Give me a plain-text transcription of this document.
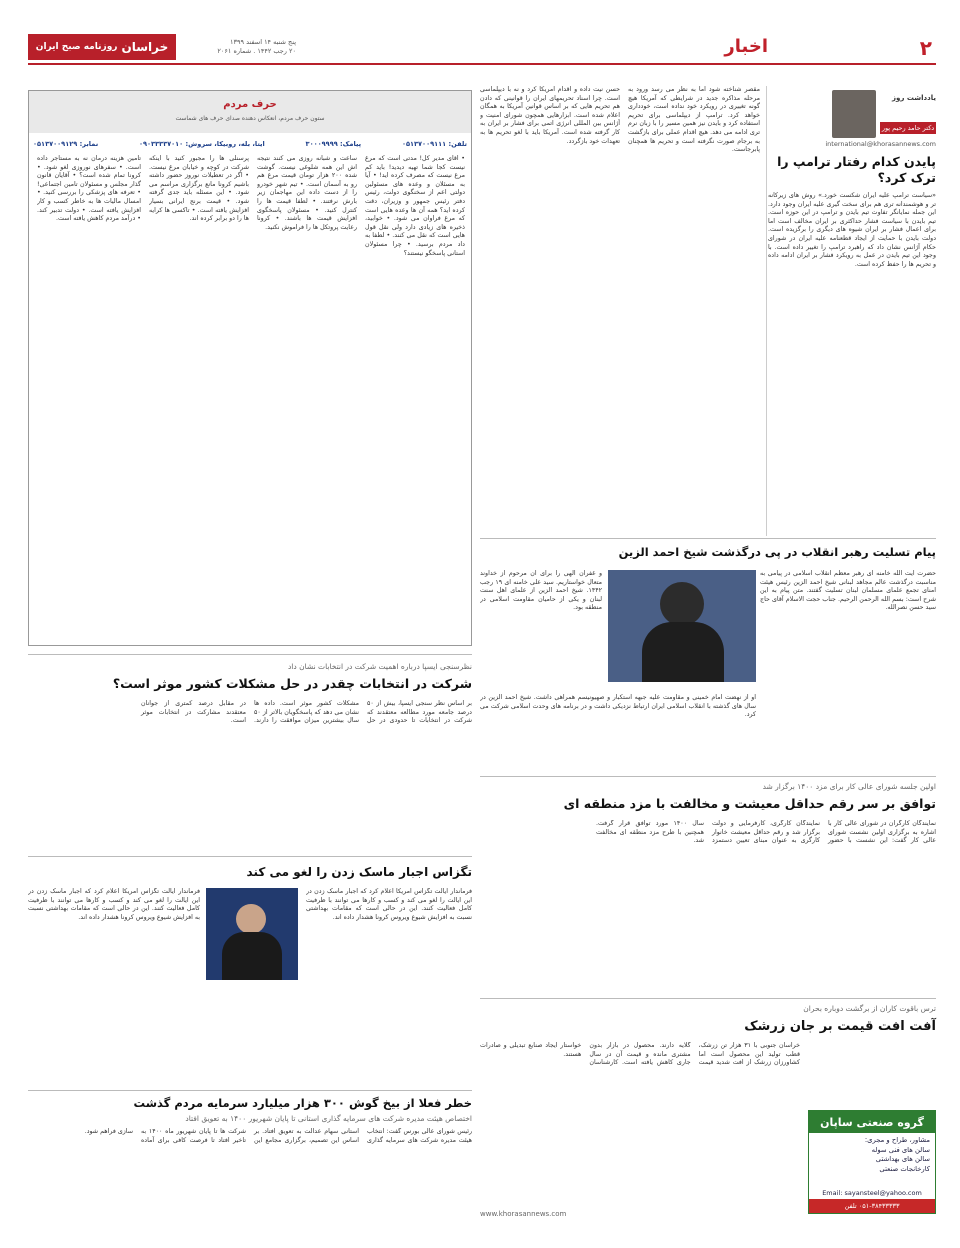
۲
اخبار
پنج شنبه ۱۴ اسفند ۱۳۹۹
۲۰ رجب ۱۴۴۲ . شماره ۲۰۶۱
خراسان
روزنامه صبح ایران
یادداشت روز
دکتر حامد رحیم پور
international@khorasannews.com
پایدن کدام رفتار ترامپ را ترک کرد؟
«سیاست ترامپ علیه ایران شکست خورد.» روش های زیرکانه تر و هوشمندانه تری هم برای سخت گیری علیه ایران وجود دارد. این جمله نمایانگر تفاوت تیم بایدن و ترامپ در این حوزه است. تیم بایدن با سیاست فشار حداکثری بر ایران مخالف است اما برای اعمال فشار بر ایران شیوه های دیگری را برگزیده است. دولت بایدن با حمایت از ایجاد قطعنامه علیه ایران در شورای حکام آژانس نشان داد که راهبرد ترامپ را تغییر داده است. با وجود این تیم بایدن در عمل به رویکرد فشار بر ایران ادامه داده و تحریم ها را حفظ کرده است.
مقصر شناخته شود اما به نظر می رسد ورود به مرحله مذاکره جدید در شرایطی که آمریکا هیچ گونه تغییری در رویکرد خود نداده است، خودداری خواهد کرد. ترامپ از دیپلماسی برای تحریم استفاده کرد و بایدن نیز همین مسیر را با زبان نرم تری ادامه می دهد. هیچ اقدام عملی برای بازگشت به برجام صورت نگرفته است و تحریم ها همچنان پابرجاست.
حسن نیت داده و اقدام آمریکا کرد و نه با دیپلماسی است. چرا اسناد تحریمهای ایران را قوانینی که دادن هم تحریم هایی که بر اساس قوانین آمریکا به همگان اعلام شده است. ابزارهایی همچون شورای امنیت و آژانس بین المللی انرژی اتمی برای فشار بر ایران به کار گرفته شده است. آمریکا باید با لغو تحریم ها به تعهدات خود بازگردد.
حرف مردم
ستون حرف مردم، انعکاس دهنده صدای حرف های شماست
تلفن: ۰۵۱۳۷۰۰۹۱۱۱
پیامک: ۳۰۰۰۹۹۹۹
ایتا، بله، روبیکا، سروش: ۰۹۰۳۳۳۳۷۰۱۰
نمابر: ۰۵۱۳۷۰۰۹۱۲۹
• آقای مدیر کل! مدتی است که مرغ نیست کجا شما تهیه دیدید! باید کم مرغ نیست که مصرف کرده اید! • آیا به مسئلان و وعده های مسئولین دولتی اعم از سخنگوی دولت، رئیس دفتر رئیس جمهور و وزیران، دقت کرده اید؟ همه آن ها وعده هایی است که مرغ فراوان می شود. • خوابید، ذخیره های زیادی دارد ولی نقل قول هایی است که نقل می کنند. • لطفا به داد مردم برسید. • چرا مسئولان استانی پاسخگو نیستند؟
ساعت و شبانه روزی می کنند نتیجه اش این همه شلوغی نیست. گوشت شده ۲۰۰ هزار تومان قیمت مرغ هم رو به آسمان است. • تیم شهر خودرو را از دست داده این مهاجمان زیر بارش نرفتند. • لطفا قیمت ها را کنترل کنید. • مسئولان پاسخگوی افزایش قیمت ها باشند. • کرونا رعایت پروتکل ها را فراموش نکنید.
پرسنلی ها را مجبور کنید با اینکه شرکت در کوچه و خیابان مرغ نیست. • اگر در تعطیلات نوروز حضور داشته باشیم کرونا مانع برگزاری مراسم می شود. • این مسئله باید جدی گرفته شود. • قیمت برنج ایرانی بسیار افزایش یافته است. • تاکسی ها کرایه ها را دو برابر کرده اند.
تامین هزینه درمان نه به مستاجر داده است. • سفرهای نوروزی لغو شود. • کرونا تمام شده است؟ • آقایان قانون گذار مجلس و مسئولان تامین اجتماعی! • تعرفه های پزشکی را بررسی کنید. • امسال مالیات ها به خاطر کسب و کار افزایش یافته است. • دولت تدبیر کند. • درآمد مردم کاهش یافته است.
پیام تسلیت رهبر انقلاب در پی درگذشت شیخ احمد الزین
حضرت آیت الله خامنه ای رهبر معظم انقلاب اسلامی در پیامی به مناسبت درگذشت عالم مجاهد لبنانی شیخ احمد الزین رئیس هیئت امنای تجمع علمای مسلمان لبنان تسلیت گفتند. متن پیام به این شرح است: بسم الله الرحمن الرحیم. جناب حجت الاسلام آقای حاج سید حسن نصرالله.
و غفران الهی را برای آن مرحوم از خداوند متعال خواستاریم. سید علی خامنه ای ۱۹ رجب ۱۴۴۲. شیخ احمد الزین از علمای اهل سنت لبنان و یکی از حامیان مقاومت اسلامی در منطقه بود.
او از نهضت امام خمینی و مقاومت علیه جبهه استکبار و صهیونیسم همراهی داشت. شیخ احمد الزین در سال های گذشته با انقلاب اسلامی ایران ارتباط نزدیکی داشت و در برنامه های وحدت اسلامی شرکت می کرد.
نظرسنجی ایسپا درباره اهمیت شرکت در انتخابات نشان داد
شرکت در انتخابات چقدر در حل مشکلات کشور موثر است؟
بر اساس نظر سنجی ایسپا، بیش از ۵۰ درصد جامعه مورد مطالعه معتقدند که شرکت در انتخابات تا حدودی در حل مشکلات کشور موثر است. داده ها نشان می دهد که پاسخگویان بالاتر از ۵۰ سال بیشترین میزان موافقت را دارند. در مقابل درصد کمتری از جوانان معتقدند مشارکت در انتخابات موثر است.
اولین جلسه شورای عالی کار برای مزد ۱۴۰۰ برگزار شد
توافق بر سر رقم حداقل معیشت و مخالفت با مزد منطقه ای
نمایندگان کارگران در شورای عالی کار با اشاره به برگزاری اولین نشست شورای عالی کار گفت: این نشست با حضور نمایندگان کارگری، کارفرمایی و دولت برگزار شد و رقم حداقل معیشت خانوار کارگری به عنوان مبنای تعیین دستمزد سال ۱۴۰۰ مورد توافق قرار گرفت. همچنین با طرح مزد منطقه ای مخالفت شد.
تگزاس اجبار ماسک زدن را لغو می کند
فرماندار ایالت تگزاس آمریکا اعلام کرد که اجبار ماسک زدن در این ایالت را لغو می کند و کسب و کارها می توانند با ظرفیت کامل فعالیت کنند. این در حالی است که مقامات بهداشتی نسبت به افزایش شیوع ویروس کرونا هشدار داده اند.
فرماندار ایالت تگزاس آمریکا اعلام کرد که اجبار ماسک زدن در این ایالت را لغو می کند و کسب و کارها می توانند با ظرفیت کامل فعالیت کنند. این در حالی است که مقامات بهداشتی نسبت به افزایش شیوع ویروس کرونا هشدار داده اند.
ترس باقوت کاران از برگشت دوباره بحران
آفت افت قیمت بر جان زرشک
خراسان جنوبی با ۳۱ هزار تن زرشک، قطب تولید این محصول است اما کشاورزان زرشک از افت شدید قیمت گلایه دارند. محصول در بازار بدون مشتری مانده و قیمت آن در سال جاری کاهش یافته است. کارشناسان خواستار ایجاد صنایع تبدیلی و صادرات هستند.
گروه صنعتی ساپان
مشاور، طراح و مجری:
سالن های فنی سوله
سالن های بهداشتی
کارخانجات صنعتی
Email: sayansteel@yahoo.com
۰۵۱-۳۸۴۳۳۳۳۳ تلفن
خطر فعلا از بیخ گوش ۳۰۰ هزار میلیارد سرمایه مردم گذشت
اختصاص هیئت مدیره شرکت های سرمایه گذاری استانی تا پایان شهریور ۱۴۰۰ به تعویق افتاد
رئیس شورای عالی بورس گفت: انتخاب هیئت مدیره شرکت های سرمایه گذاری استانی سهام عدالت به تعویق افتاد. بر اساس این تصمیم، برگزاری مجامع این شرکت ها تا پایان شهریور ماه ۱۴۰۰ به تاخیر افتاد تا فرصت کافی برای آماده سازی فراهم شود.
www.khorasannews.com
